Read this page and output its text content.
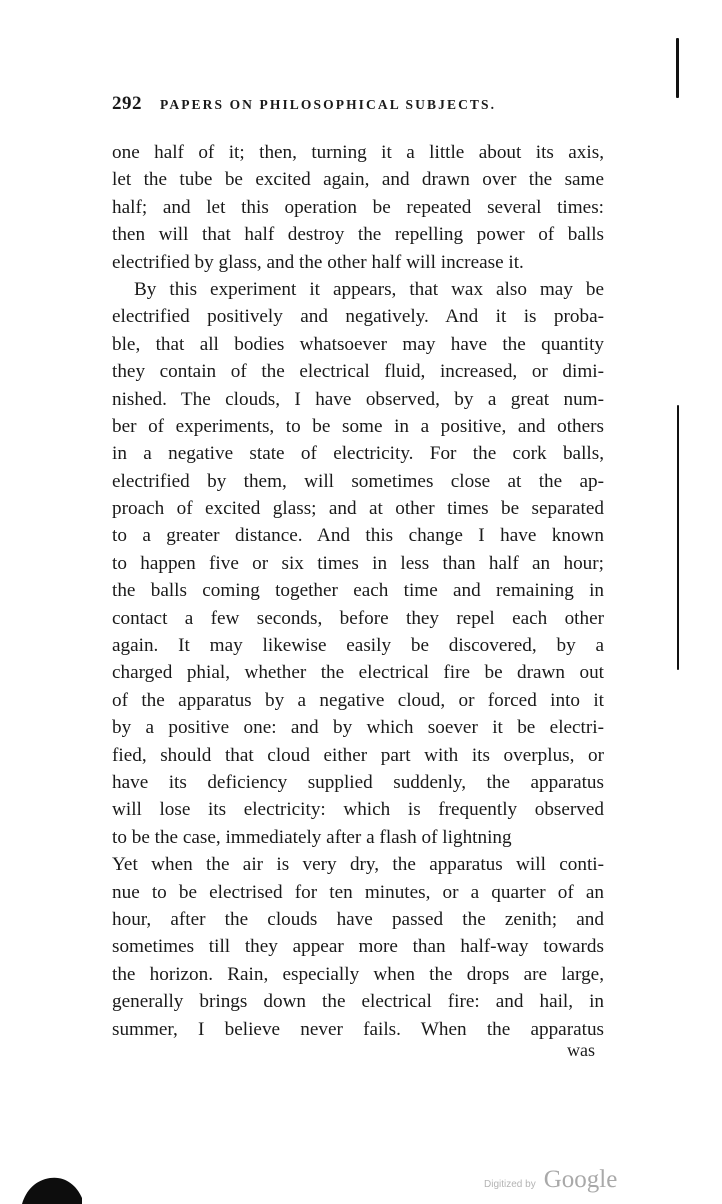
292 PAPERS ON PHILOSOPHICAL SUBJECTS.
one half of it; then, turning it a little about its axis,
let the tube be excited again, and drawn over the same
half; and let this operation be repeated several times:
then will that half destroy the repelling power of balls
electrified by glass, and the other half will increase it.
By this experiment it appears, that wax also may be
electrified positively and negatively. And it is proba-
ble, that all bodies whatsoever may have the quantity
they contain of the electrical fluid, increased, or dimi-
nished. The clouds, I have observed, by a great num-
ber of experiments, to be some in a positive, and others
in a negative state of electricity. For the cork balls,
electrified by them, will sometimes close at the ap-
proach of excited glass; and at other times be separated
to a greater distance. And this change I have known
to happen five or six times in less than half an hour;
the balls coming together each time and remaining in
contact a few seconds, before they repel each other
again. It may likewise easily be discovered, by a
charged phial, whether the electrical fire be drawn out
of the apparatus by a negative cloud, or forced into it
by a positive one: and by which soever it be electri-
fied, should that cloud either part with its overplus, or
have its deficiency supplied suddenly, the apparatus
will lose its electricity: which is frequently observed
to be the case, immediately after a flash of lightning
Yet when the air is very dry, the apparatus will conti-
nue to be electrised for ten minutes, or a quarter of an
hour, after the clouds have passed the zenith; and
sometimes till they appear more than half-way towards
the horizon. Rain, especially when the drops are large,
generally brings down the electrical fire: and hail, in
summer, I believe never fails. When the apparatus
was
Digitized by Google
